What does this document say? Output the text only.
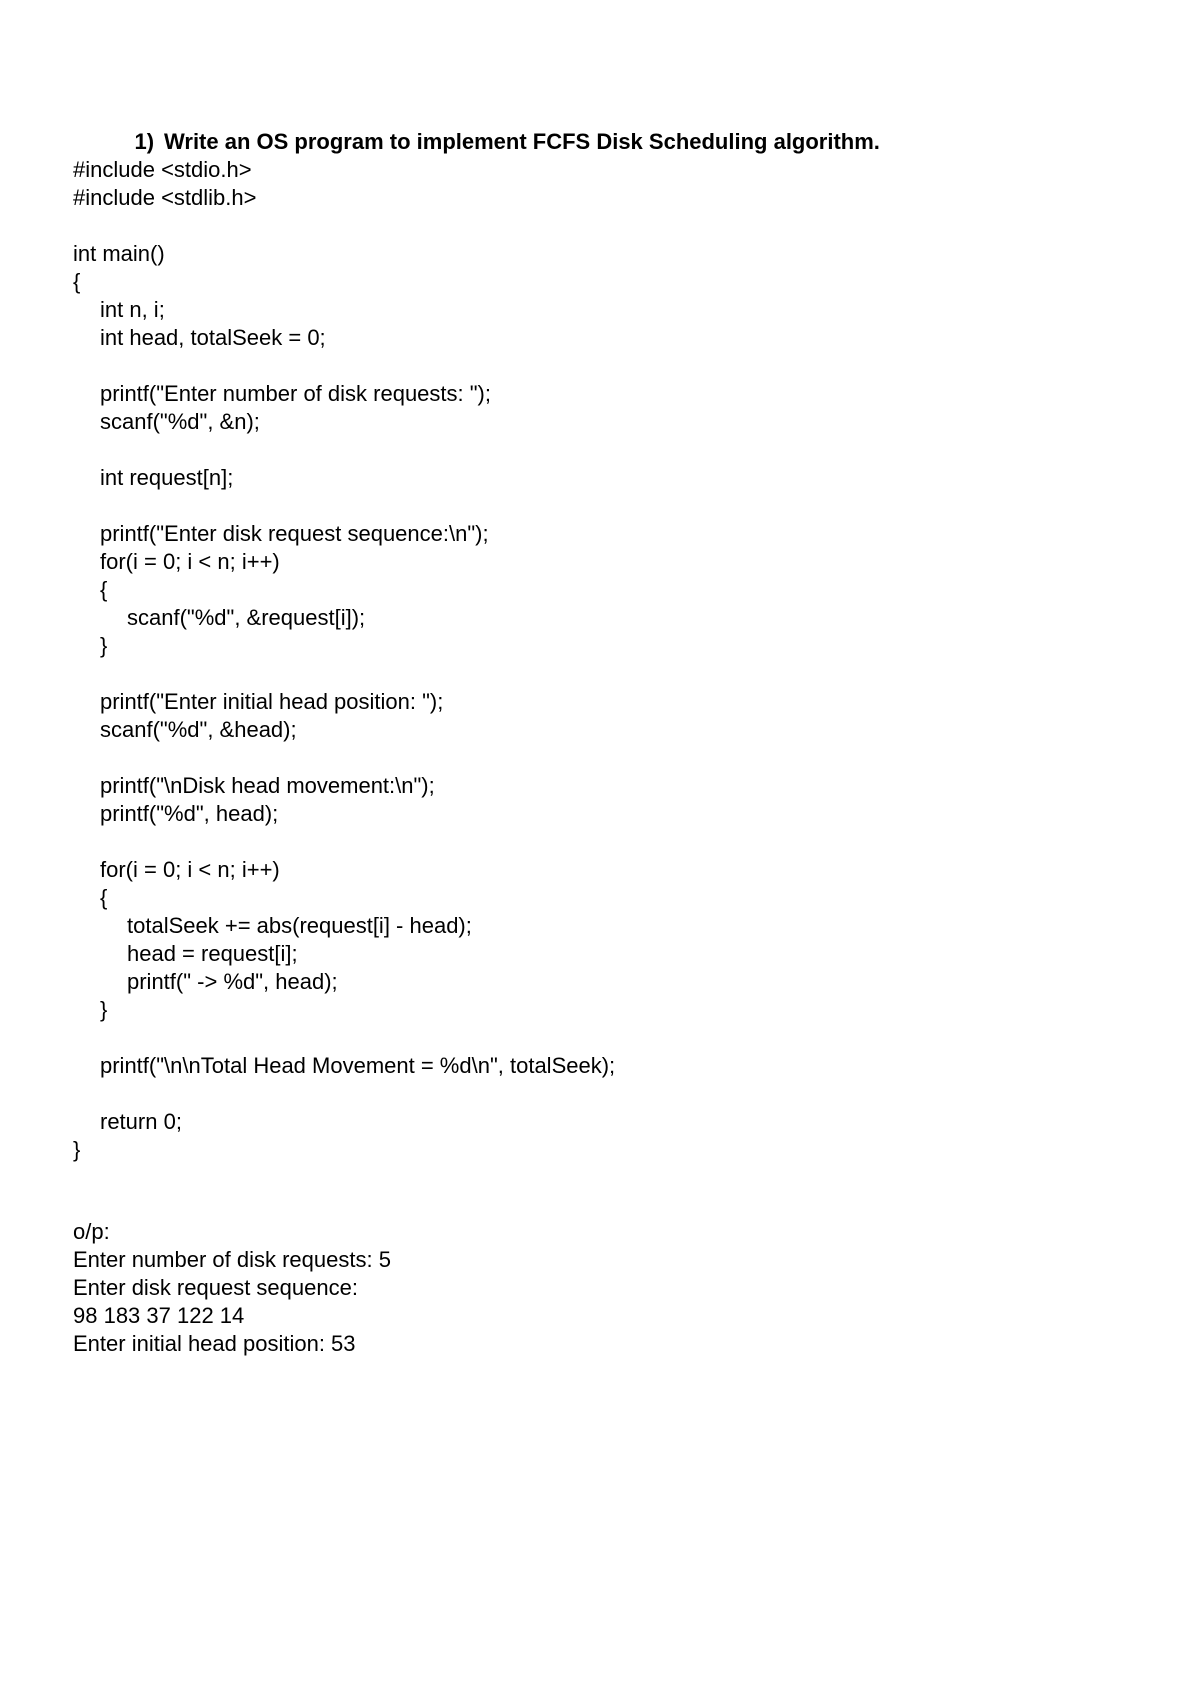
1) Write an OS program to implement FCFS Disk Scheduling algorithm.

#include <stdio.h>
#include <stdlib.h>
int main()
{
int n, i;
int head, totalSeek = 0;
printf("Enter number of disk requests: ");
scanf("%d", &n);
int request[n];
printf("Enter disk request sequence:\n");
for(i = 0; i < n; i++)
{
scanf("%d", &request[i]);
}
printf("Enter initial head position: ");
scanf("%d", &head);
printf("\nDisk head movement:\n");
printf("%d", head);
for(i = 0; i < n; i++)
{
totalSeek += abs(request[i] - head);
head = request[i];
printf(" -> %d", head);
}
printf("\n\nTotal Head Movement = %d\n", totalSeek);
return 0;
}
o/p:
Enter number of disk requests: 5
Enter disk request sequence:
98 183 37 122 14
Enter initial head position: 53
